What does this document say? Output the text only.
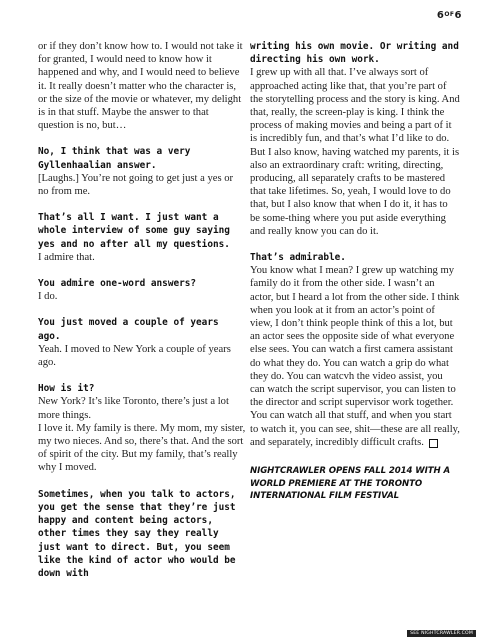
$6^{OF}6$

or if they don’t know how to. I would not take it for granted, I would need to know how it happened and why, and I would need to believe it. It really doesn’t matter who the character is, or the size of the movie or whatever, my delight is in that stuff. Maybe the answer to that question is no, but…

No, I think that was a very Gyllenhaalian answer.

[Laughs.] You’re not going to get just a yes or no from me.

That’s all I want. I just want a whole interview of some guy saying yes and no after all my questions.

I admire that.

You admire one-word answers?

I do.

You just moved a couple of years ago.

Yeah. I moved to New York a couple of years ago.

How is it?

New York? It’s like Toronto, there’s just a lot more things.

I love it. My family is there. My mom, my sister, my two nieces. And so, there’s that. And the sort of spirit of the city. But my family, that’s really why I moved.

Sometimes, when you talk to actors, you get the sense that they’re just happy and content being actors, other times they say they really just want to direct. But, you seem like the kind of actor who would be down with

writing his own movie. Or writing and directing his own work.

I grew up with all that. I’ve always sort of approached acting like that, that you’re part of the storytelling process and the story is king. And that, really, the screen-play is king. I think the process of making movies and being a part of it is incredibly fun, and that’s what I’d like to do. But I also know, having watched my parents, it is also an extraordinary craft: writing, directing, producing, all separately crafts to be mastered that take lifetimes. So, yeah, I would love to do that, but I also know that when I do it, it has to be some-thing where you put aside everything and really know you can do it.

That’s admirable.

You know what I mean? I grew up watching my family do it from the other side. I wasn’t an actor, but I heard a lot from the other side. I think when you look at it from an actor’s point of view, I don’t think people think of this a lot, but an actor sees the opposite side of what everyone else sees. You can watch a first camera assistant do what they do. You can watch a grip do what they do. You can watcvh the video assist, you can watch the script supervisor, you can listen to the director and script supervisor work together. You can watch all that stuff, and when you start to watch it, you can see, shit—these are all really, and separately, incredibly difficult crafts.

NIGHTCRAWLER OPENS FALL 2014 WITH A WORLD PREMIERE AT THE TORONTO INTERNATIONAL FILM FESTIVAL
SEE NIGHTCRAWLER.COM
